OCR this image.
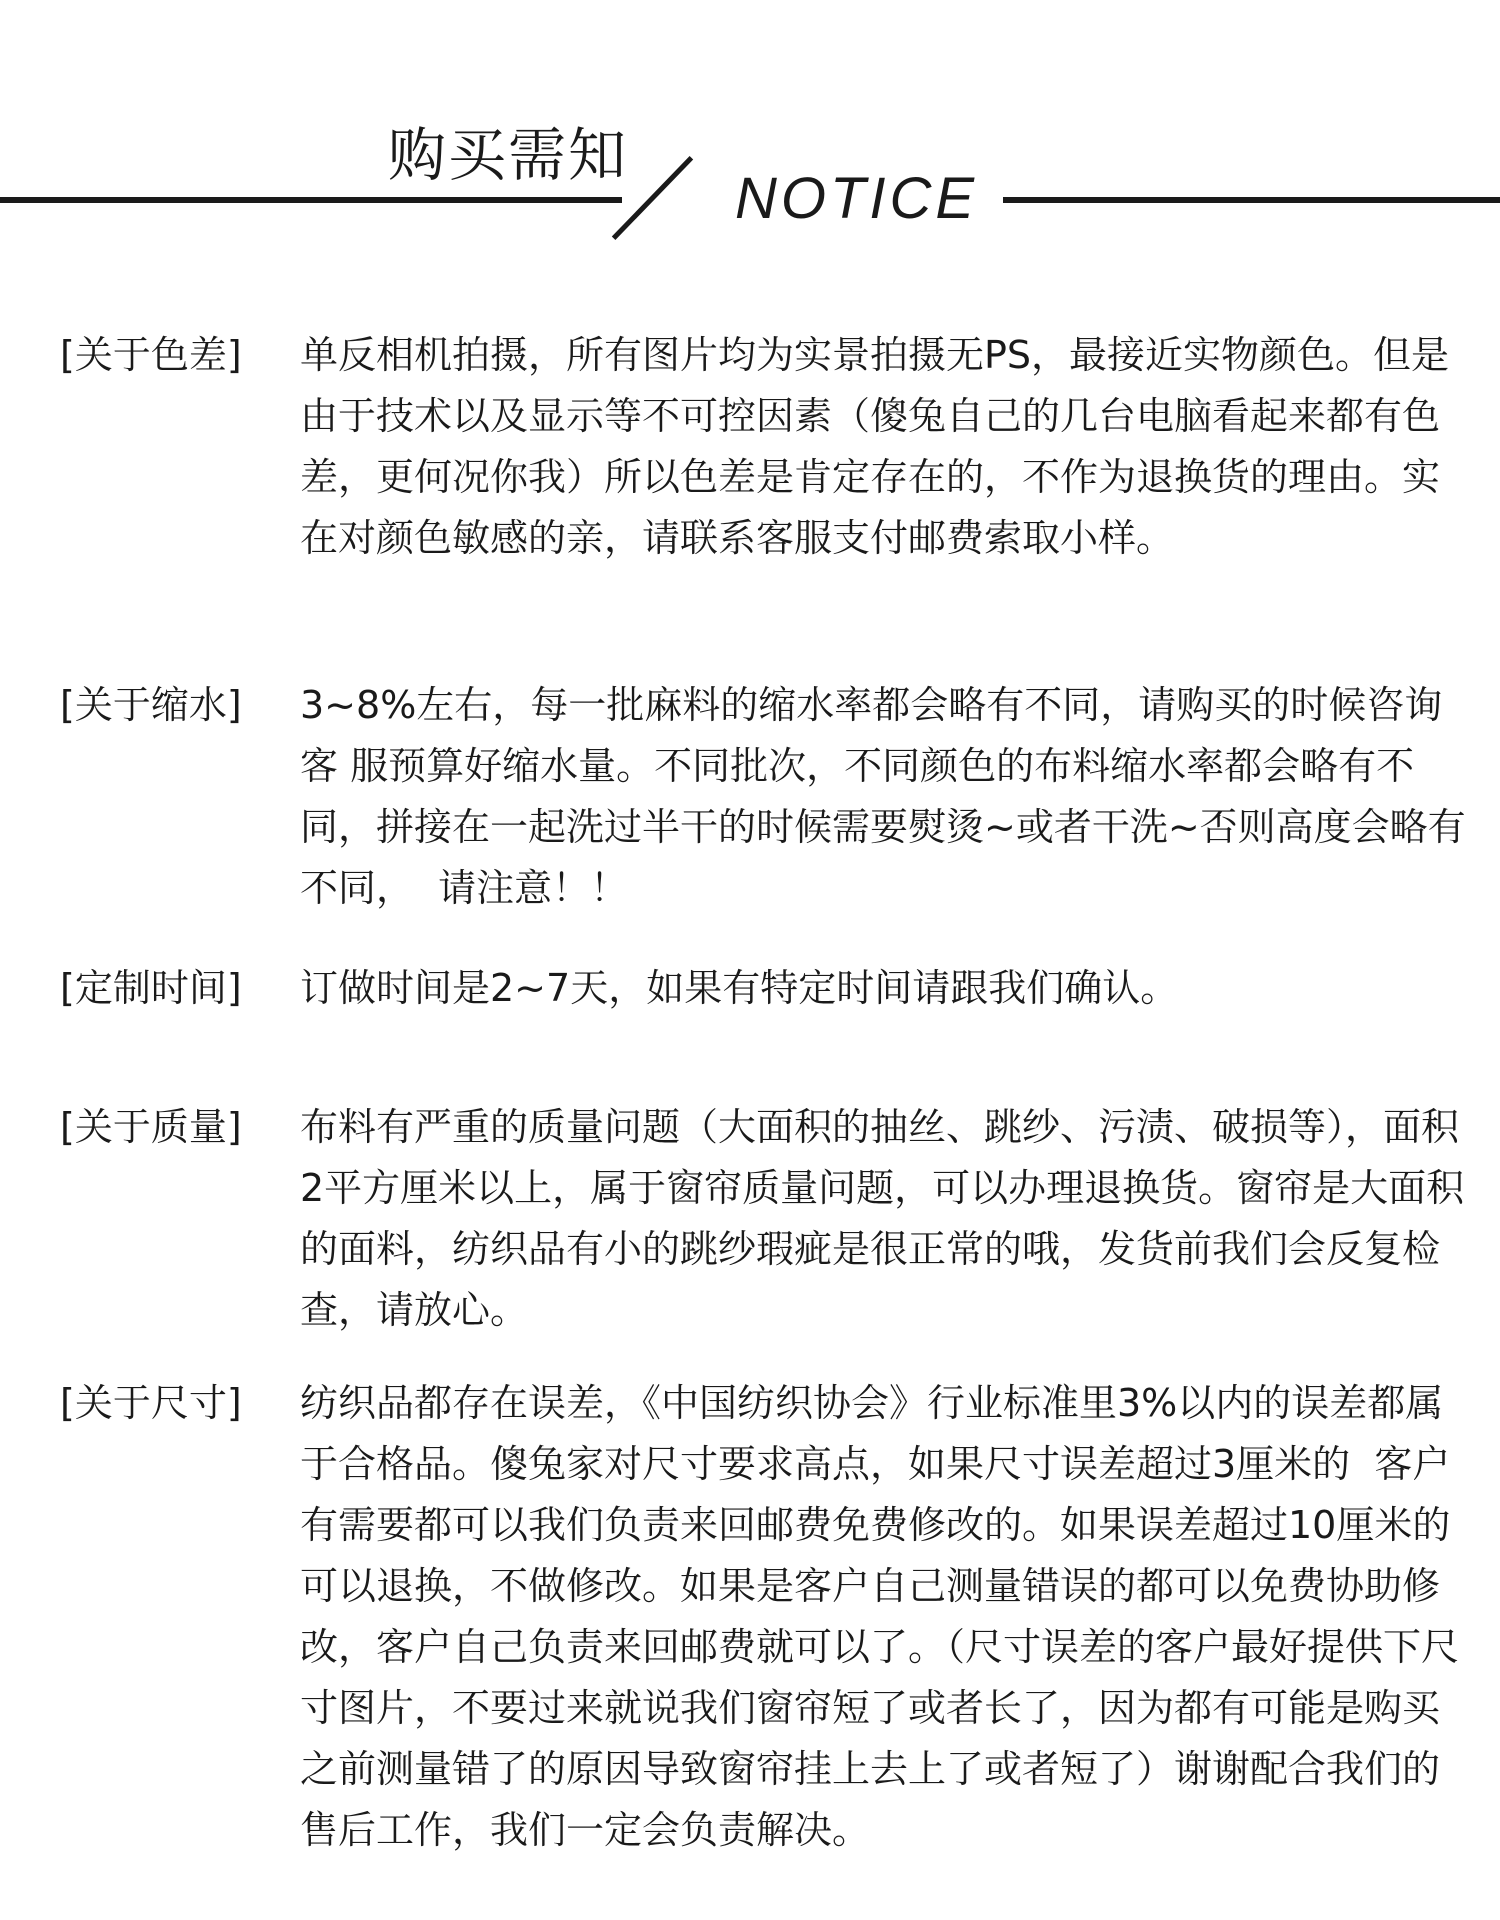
购买需知
NOTICE
[关于色差]	单反相机拍摄，所有图片均为实景拍摄无PS，最接近实物颜色。但是由于技术以及显示等不可控因素（傻兔自己的几台电脑看起来都有色差，更何况你我）所以色差是肯定存在的，不作为退换货的理由。实在对颜色敏感的亲，请联系客服支付邮费索取小样。
[关于缩水]	3~8%左右，每一批麻料的缩水率都会略有不同，请购买的时候咨询客 服预算好缩水量。不同批次，不同颜色的布料缩水率都会略有不同，拼接在一起洗过半干的时候需要熨烫~或者干洗~否则高度会略有不同，  请注意！！
[定制时间]	订做时间是2~7天，如果有特定时间请跟我们确认。
[关于质量]	布料有严重的质量问题（大面积的抽丝、跳纱、污渍、破损等），面积2平方厘米以上，属于窗帘质量问题，可以办理退换货。窗帘是大面积的面料，纺织品有小的跳纱瑕疵是很正常的哦，发货前我们会反复检查，请放心。
[关于尺寸]	纺织品都存在误差，《中国纺织协会》行业标准里3%以内的误差都属于合格品。傻兔家对尺寸要求高点，如果尺寸误差超过3厘米的  客户有需要都可以我们负责来回邮费免费修改的。如果误差超过10厘米的可以退换，不做修改。如果是客户自己测量错误的都可以免费协助修改，客户自己负责来回邮费就可以了。（尺寸误差的客户最好提供下尺寸图片，不要过来就说我们窗帘短了或者长了，因为都有可能是购买之前测量错了的原因导致窗帘挂上去上了或者短了）谢谢配合我们的售后工作，我们一定会负责解决。
